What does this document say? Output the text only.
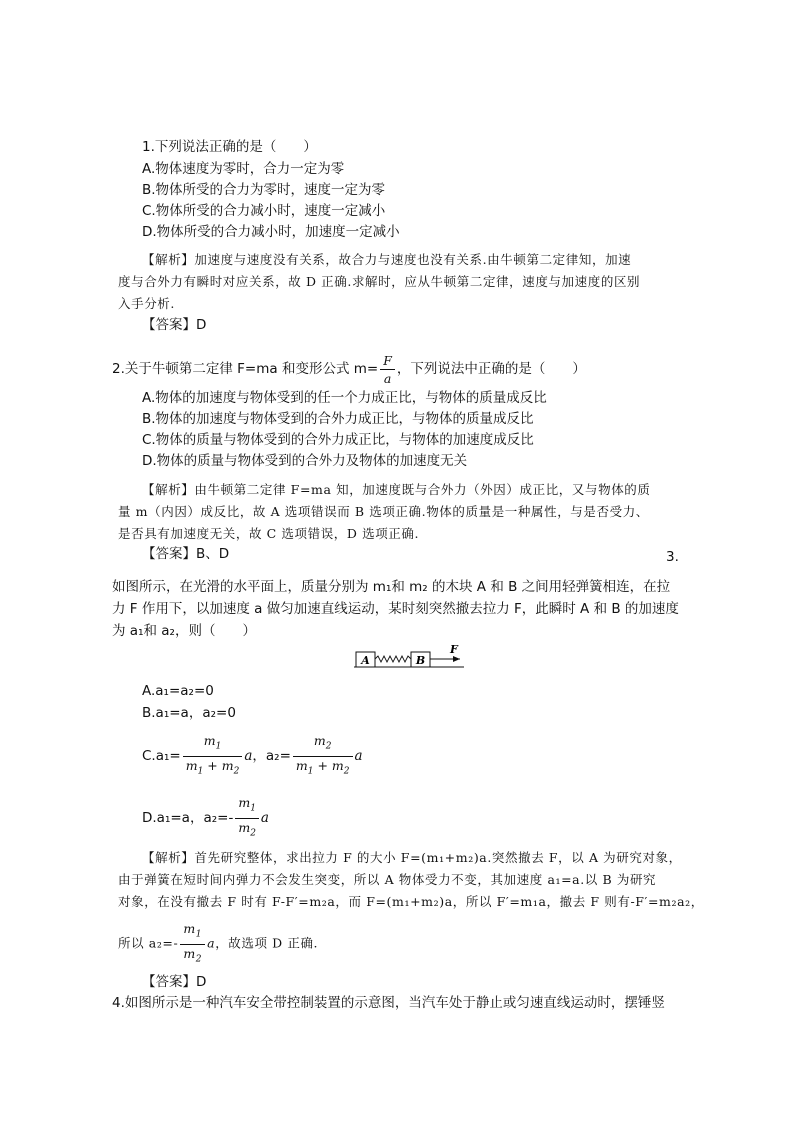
1.下列说法正确的是（　　）
A.物体速度为零时，合力一定为零
B.物体所受的合力为零时，速度一定为零
C.物体所受的合力减小时，速度一定减小
D.物体所受的合力减小时，加速度一定减小
【解析】加速度与速度没有关系，故合力与速度也没有关系.由牛顿第二定律知，加速
度与合外力有瞬时对应关系，故 D 正确.求解时，应从牛顿第二定律，速度与加速度的区别
入手分析.
【答案】D
2.关于牛顿第二定律 F=ma 和变形公式 $m= \frac{F}{a}$ ，下列说法中正确的是（　　）
A.物体的加速度与物体受到的任一个力成正比，与物体的质量成反比
B.物体的加速度与物体受到的合外力成正比，与物体的质量成反比
C.物体的质量与物体受到的合外力成正比，与物体的加速度成反比
D.物体的质量与物体受到的合外力及物体的加速度无关
【解析】由牛顿第二定律 F=ma 知，加速度既与合外力（外因）成正比，又与物体的质
量 m（内因）成反比，故 A 选项错误而 B 选项正确.物体的质量是一种属性，与是否受力、
是否具有加速度无关，故 C 选项错误，D 选项正确.
【答案】B、D	3.
如图所示，在光滑的水平面上，质量分别为 m₁和 m₂ 的木块 A 和 B 之间用轻弹簧相连，在拉
力 F 作用下，以加速度 a 做匀加速直线运动，某时刻突然撤去拉力 F，此瞬时 A 和 B 的加速度
为 a₁和 a₂，则（　　）
A	B
F
A.a₁=a₂=0
B.a₁=a，a₂=0
$C.a_1= \frac{m_1}{m_1 + m_2}$ a，$a_2= \frac{m_2}{m_1 + m_2}$ a
D.a₁=a，$a_2=- \frac{m_1}{m_2}$ a
【解析】首先研究整体，求出拉力 F 的大小 F=(m₁+m₂)a.突然撤去 F，以 A 为研究对象，
由于弹簧在短时间内弹力不会发生突变，所以 A 物体受力不变，其加速度 a₁=a.以 B 为研究
对象，在没有撤去 F 时有 F-F′=m₂a，而 F=(m₁+m₂)a，所以 F′=m₁a，撤去 F 则有-F′=m₂a₂，
所以 $a_2=- \frac{m_1}{m_2}$ a，故选项 D 正确.
【答案】D
4.如图所示是一种汽车安全带控制装置的示意图，当汽车处于静止或匀速直线运动时，摆锤竖
